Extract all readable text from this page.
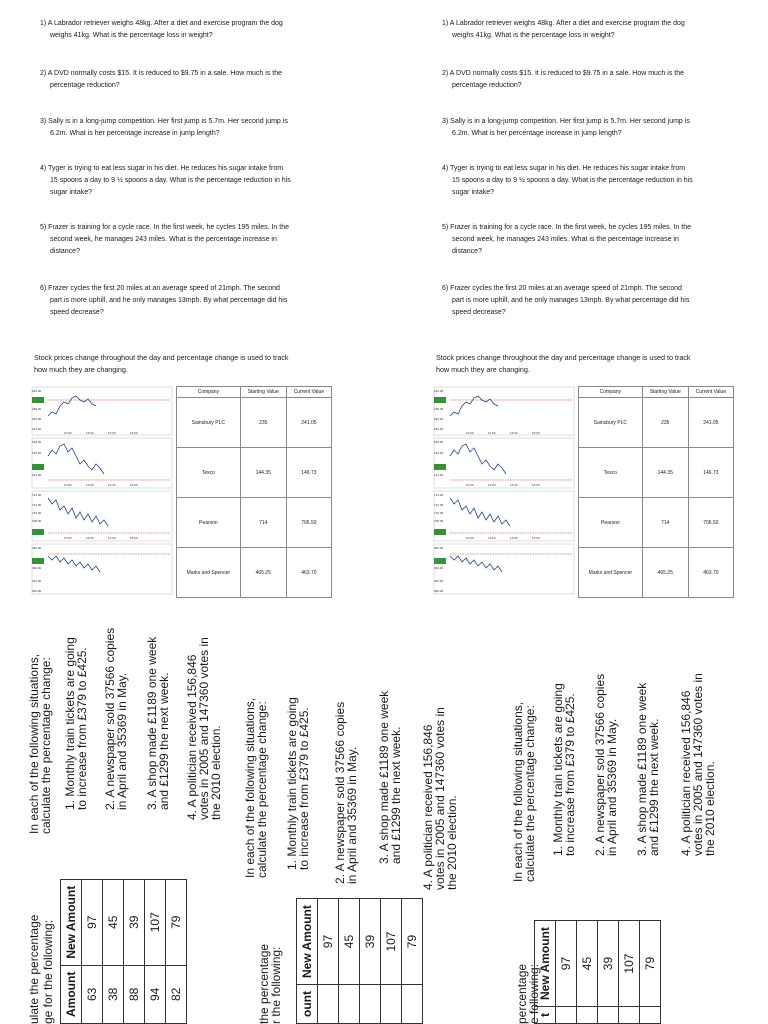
1) A Labrador retriever weighs 48kg. After a diet and exercise program the dog
weighs 41kg. What is the percentage loss in weight?
2) A DVD normally costs $15. It is reduced to $9.75 in a sale. How much is the
percentage reduction?
3) Sally is in a long-jump competition. Her first jump is 5.7m. Her second jump is
6.2m. What is her percentage increase in jump length?
4) Tyger is trying to eat less sugar in his diet. He reduces his sugar intake from
15 spoons a day to 9 ½ spoons a day. What is the percentage reduction in his
sugar intake?
5) Frazer is training for a cycle race. In the first week, he cycles 195 miles. In the
second week, he manages 243 miles. What is the percentage increase in
distance?
6) Frazer cycles the first 20 miles at an average speed of 21mph. The second
part is more uphill, and he only manages 13mph. By what percentage did his
speed decrease?
Stock prices change throughout the day and percentage change is used to track
how much they are changing.
240.00
238.00
236.00
234.00
10:00	12:00	14:00	16:00
148.00
146.00
144.00
10:00	12:00	14:00	16:00
714.00
712.00
710.00
708.00
10:00	12:00	14:00	16:00
466.00
464.00
462.00
460.00
Company	Starting Value	Current Value
Sainsbury PLC	235	241.05
Tesco	144.35	146.73
Pearson	714	706.50
Marks and Spencer	465.25	463.70
1) A Labrador retriever weighs 48kg. After a diet and exercise program the dog
weighs 41kg. What is the percentage loss in weight?
2) A DVD normally costs $15. It is reduced to $9.75 in a sale. How much is the
percentage reduction?
3) Sally is in a long-jump competition. Her first jump is 5.7m. Her second jump is
6.2m. What is her percentage increase in jump length?
4) Tyger is trying to eat less sugar in his diet. He reduces his sugar intake from
15 spoons a day to 9 ½ spoons a day. What is the percentage reduction in his
sugar intake?
5) Frazer is training for a cycle race. In the first week, he cycles 195 miles. In the
second week, he manages 243 miles. What is the percentage increase in
distance?
6) Frazer cycles the first 20 miles at an average speed of 21mph. The second
part is more uphill, and he only manages 13mph. By what percentage did his
speed decrease?
Stock prices change throughout the day and percentage change is used to track
how much they are changing.
240.00
238.00
236.00
234.00
10:00	12:00	14:00	16:00
148.00
146.00
144.00
10:00	12:00	14:00	16:00
714.00
712.00
710.00
708.00
10:00	12:00	14:00	16:00
466.00
464.00
462.00
460.00
Company	Starting Value	Current Value
Sainsbury PLC	235	241.05
Tesco	144.35	146.73
Pearson	714	706.50
Marks and Spencer	465.25	463.70
ulate the percentage ge for the following: Amount	New Amount
63	97
38	45
88	39
94	107
82	79
In each of the following situations,
calculate the percentage change: 1. Monthly train tickets are going
to increase from £379 to £425. 2. A newspaper sold 37566 copies
in April and 35369 in May. 3. A shop made £1189 one week
and £1299 the next week. 4. A politician received 156,846
votes in 2005 and 147360 votes in
the 2010 election. In each of the following situations,
calculate the percentage change: 1. Monthly train tickets are going
to increase from £379 to £425. 2. A newspaper sold 37566 copies
in April and 35369 in May. 3. A shop made £1189 one week
and £1299 the next week. 4. A politician received 156,846
votes in 2005 and 147360 votes in
the 2010 election.
the percentage
r the following: ount	New Amount
	97
	45
	39
	107
	79
In each of the following situations,
calculate the percentage change: 1. Monthly train tickets are going
to increase from £379 to £425. 2. A newspaper sold 37566 copies
in April and 35369 in May. 3. A shop made £1189 one week
and £1299 the next week. 4. A politician received 156,846
votes in 2005 and 147360 votes in
the 2010 election.
percentage
e following:
t	New Amount
	97
	45
	39
	107
	79
